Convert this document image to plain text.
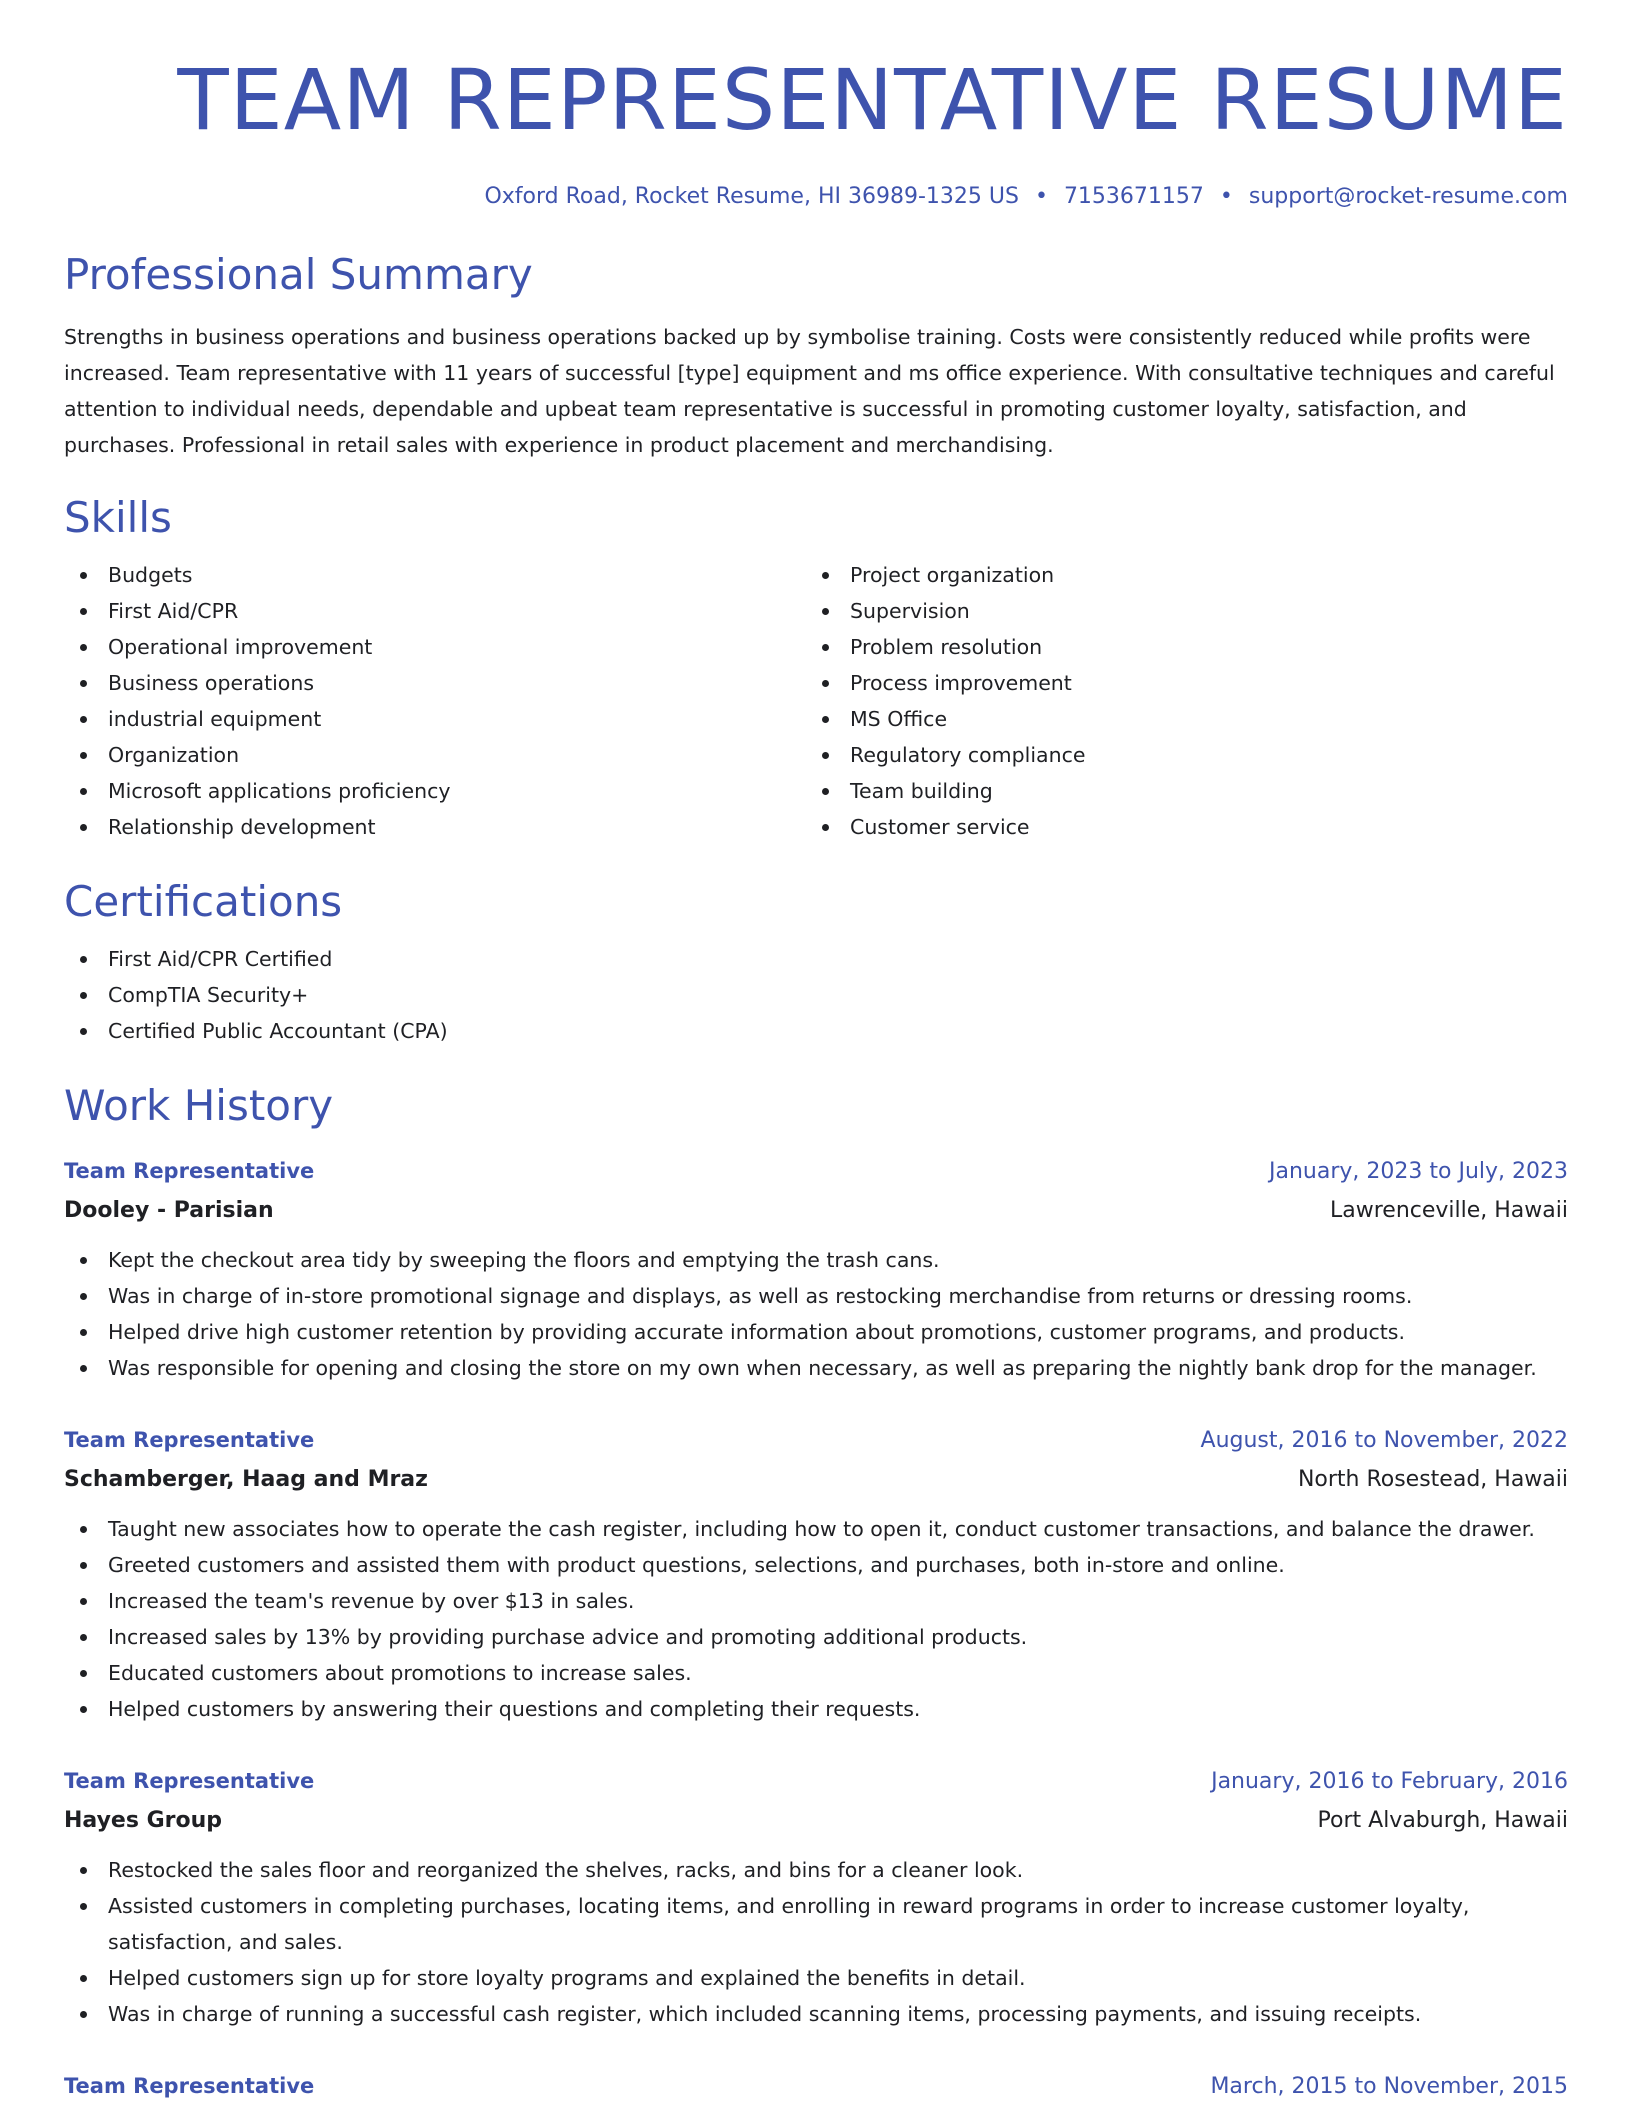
TEAM REPRESENTATIVE RESUME
Oxford Road, Rocket Resume, HI 36989-1325 US • 7153671157 • support@rocket-resume.com
Professional Summary

Strengths in business operations and business operations backed up by symbolise training. Costs were consistently reduced while profits were increased. Team representative with 11 years of successful [type] equipment and ms office experience. With consultative techniques and careful attention to individual needs, dependable and upbeat team representative is successful in promoting customer loyalty, satisfaction, and purchases. Professional in retail sales with experience in product placement and merchandising.

Skills
Budgets
First Aid/CPR
Operational improvement
Business operations
industrial equipment
Organization
Microsoft applications proficiency
Relationship development
Project organization
Supervision
Problem resolution
Process improvement
MS Office
Regulatory compliance
Team building
Customer service
Certifications
First Aid/CPR Certified
CompTIA Security+
Certified Public Accountant (CPA)
Work History
Team Representative	January, 2023 to July, 2023
Dooley - Parisian	Lawrenceville, Hawaii
Kept the checkout area tidy by sweeping the floors and emptying the trash cans.
Was in charge of in-store promotional signage and displays, as well as restocking merchandise from returns or dressing rooms.
Helped drive high customer retention by providing accurate information about promotions, customer programs, and products.
Was responsible for opening and closing the store on my own when necessary, as well as preparing the nightly bank drop for the manager.
Team Representative	August, 2016 to November, 2022
Schamberger, Haag and Mraz	North Rosestead, Hawaii
Taught new associates how to operate the cash register, including how to open it, conduct customer transactions, and balance the drawer.
Greeted customers and assisted them with product questions, selections, and purchases, both in-store and online.
Increased the team's revenue by over $13 in sales.
Increased sales by 13% by providing purchase advice and promoting additional products.
Educated customers about promotions to increase sales.
Helped customers by answering their questions and completing their requests.
Team Representative	January, 2016 to February, 2016
Hayes Group	Port Alvaburgh, Hawaii
Restocked the sales floor and reorganized the shelves, racks, and bins for a cleaner look.
Assisted customers in completing purchases, locating items, and enrolling in reward programs in order to increase customer loyalty, satisfaction, and sales.
Helped customers sign up for store loyalty programs and explained the benefits in detail.
Was in charge of running a successful cash register, which included scanning items, processing payments, and issuing receipts.
Team Representative	March, 2015 to November, 2015
